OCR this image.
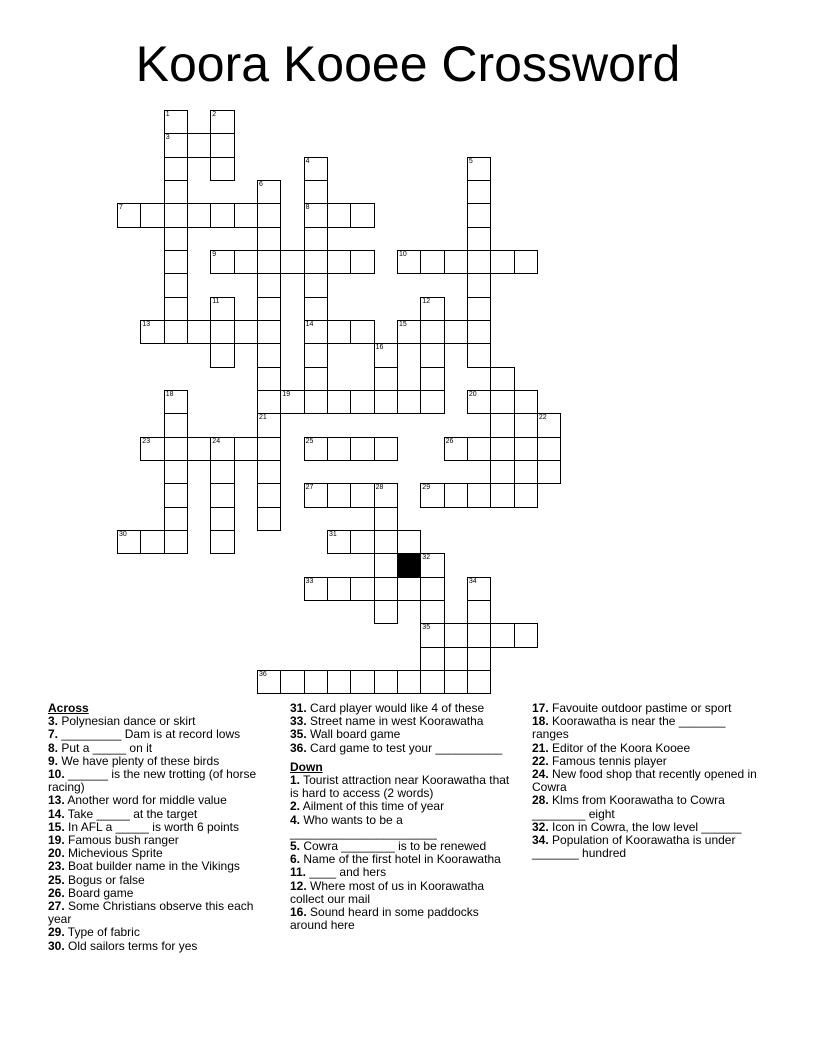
Koora Kooee Crossword
3
7	8
9	10
13	14	15
19	20
23	24	25	26
27	29
30	31
33
35
36
1	2
4	5
6
21
11	12
16
18
22
28
32
34
Across
3. Polynesian dance or skirt
7. _________ Dam is at record lows
8. Put a _____ on it
9. We have plenty of these birds
10. ______ is the new trotting (of horse racing)
13. Another word for middle value
14. Take _____ at the target
15. In AFL a _____ is worth 6 points
19. Famous bush ranger
20. Michevious Sprite
23. Boat builder name in the Vikings
25. Bogus or false
26. Board game
27. Some Christians observe this each year
29. Type of fabric
30. Old sailors terms for yes
31. Card player would like 4 of these
33. Street name in west Koorawatha
35. Wall board game
36. Card game to test your __________
Down
1. Tourist attraction near Koorawatha that is hard to access (2 words)
2. Ailment of this time of year
4. Who wants to be a ______________________
5. Cowra ________ is to be renewed
6. Name of the first hotel in Koorawatha
11. ____ and hers
12. Where most of us in Koorawatha collect our mail
16. Sound heard in some paddocks around here
17. Favouite outdoor pastime or sport
18. Koorawatha is near the _______ ranges
21. Editor of the Koora Kooee
22. Famous tennis player
24. New food shop that recently opened in Cowra
28. Klms from Koorawatha to Cowra ________ eight
32. Icon in Cowra, the low level ______
34. Population of Koorawatha is under _______ hundred
